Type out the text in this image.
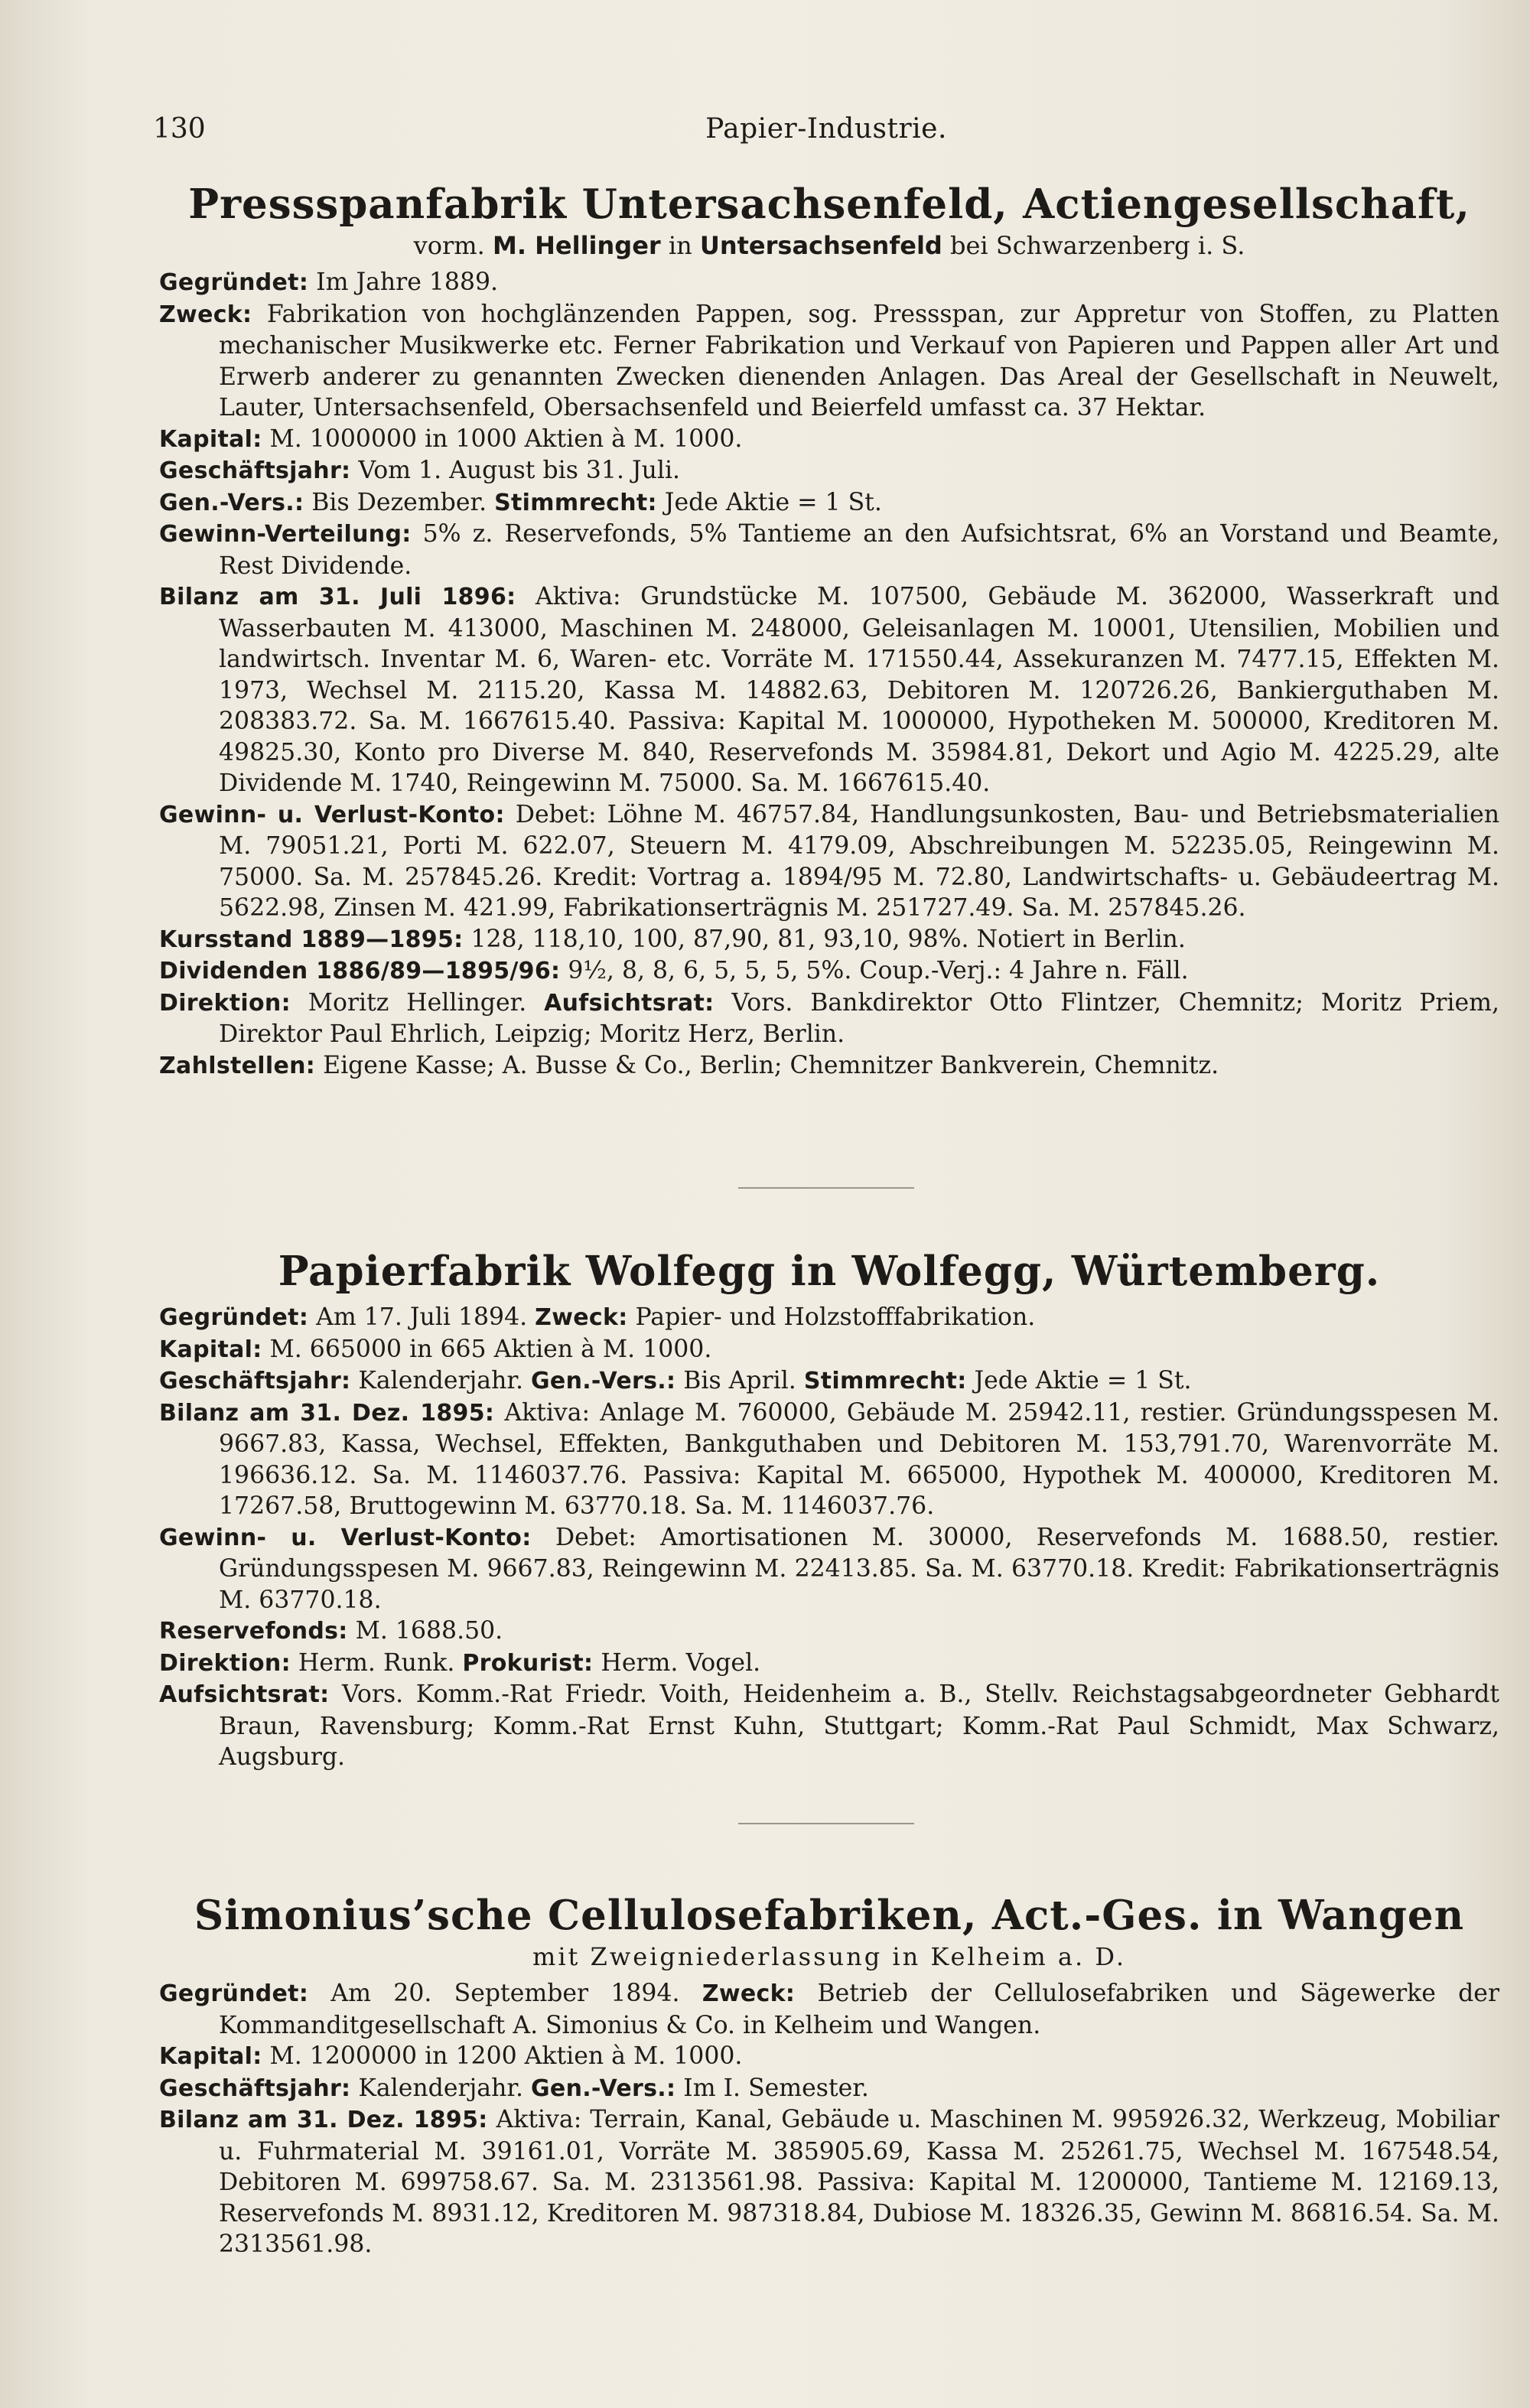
130	Papier-Industrie.
Pressspanfabrik Untersachsenfeld, Actiengesellschaft,
vorm. M. Hellinger in Untersachsenfeld bei Schwarzenberg i. S.

Gegründet: Im Jahre 1889.

Zweck: Fabrikation von hochglänzenden Pappen, sog. Pressspan, zur Appretur von Stoffen, zu Platten mechanischer Musikwerke etc. Ferner Fabrikation und Verkauf von Papieren und Pappen aller Art und Erwerb anderer zu genannten Zwecken dienenden Anlagen. Das Areal der Gesellschaft in Neuwelt, Lauter, Untersachsenfeld, Obersachsenfeld und Beierfeld umfasst ca. 37 Hektar.

Kapital: M. 1000000 in 1000 Aktien à M. 1000.

Geschäftsjahr: Vom 1. August bis 31. Juli.

Gen.-Vers.: Bis Dezember. Stimmrecht: Jede Aktie = 1 St.

Gewinn-Verteilung: 5% z. Reservefonds, 5% Tantieme an den Aufsichtsrat, 6% an Vorstand und Beamte, Rest Dividende.

Bilanz am 31. Juli 1896: Aktiva: Grundstücke M. 107500, Gebäude M. 362000, Wasserkraft und Wasserbauten M. 413000, Maschinen M. 248000, Geleisanlagen M. 10001, Utensilien, Mobilien und landwirtsch. Inventar M. 6, Waren- etc. Vorräte M. 171550.44, Assekuranzen M. 7477.15, Effekten M. 1973, Wechsel M. 2115.20, Kassa M. 14882.63, Debitoren M. 120726.26, Bankierguthaben M. 208383.72. Sa. M. 1667615.40. Passiva: Kapital M. 1000000, Hypotheken M. 500000, Kreditoren M. 49825.30, Konto pro Diverse M. 840, Reservefonds M. 35984.81, Dekort und Agio M. 4225.29, alte Dividende M. 1740, Reingewinn M. 75000. Sa. M. 1667615.40.

Gewinn- u. Verlust-Konto: Debet: Löhne M. 46757.84, Handlungsunkosten, Bau- und Betriebsmaterialien M. 79051.21, Porti M. 622.07, Steuern M. 4179.09, Abschreibungen M. 52235.05, Reingewinn M. 75000. Sa. M. 257845.26. Kredit: Vortrag a. 1894/95 M. 72.80, Landwirtschafts- u. Gebäudeertrag M. 5622.98, Zinsen M. 421.99, Fabrikationserträgnis M. 251727.49. Sa. M. 257845.26.

Kursstand 1889—1895: 128, 118,10, 100, 87,90, 81, 93,10, 98%. Notiert in Berlin.

Dividenden 1886/89—1895/96: 9½, 8, 8, 6, 5, 5, 5, 5%. Coup.-Verj.: 4 Jahre n. Fäll.

Direktion: Moritz Hellinger. Aufsichtsrat: Vors. Bankdirektor Otto Flintzer, Chemnitz; Moritz Priem, Direktor Paul Ehrlich, Leipzig; Moritz Herz, Berlin.

Zahlstellen: Eigene Kasse; A. Busse & Co., Berlin; Chemnitzer Bankverein, Chemnitz.

Papierfabrik Wolfegg in Wolfegg, Würtemberg.

Gegründet: Am 17. Juli 1894. Zweck: Papier- und Holzstofffabrikation.

Kapital: M. 665000 in 665 Aktien à M. 1000.

Geschäftsjahr: Kalenderjahr. Gen.-Vers.: Bis April. Stimmrecht: Jede Aktie = 1 St.

Bilanz am 31. Dez. 1895: Aktiva: Anlage M. 760000, Gebäude M. 25942.11, restier. Gründungsspesen M. 9667.83, Kassa, Wechsel, Effekten, Bankguthaben und Debitoren M. 153,791.70, Warenvorräte M. 196636.12. Sa. M. 1146037.76. Passiva: Kapital M. 665000, Hypothek M. 400000, Kreditoren M. 17267.58, Bruttogewinn M. 63770.18. Sa. M. 1146037.76.

Gewinn- u. Verlust-Konto: Debet: Amortisationen M. 30000, Reservefonds M. 1688.50, restier. Gründungsspesen M. 9667.83, Reingewinn M. 22413.85. Sa. M. 63770.18. Kredit: Fabrikationserträgnis M. 63770.18.

Reservefonds: M. 1688.50.

Direktion: Herm. Runk. Prokurist: Herm. Vogel.

Aufsichtsrat: Vors. Komm.-Rat Friedr. Voith, Heidenheim a. B., Stellv. Reichstagsabgeordneter Gebhardt Braun, Ravensburg; Komm.-Rat Ernst Kuhn, Stuttgart; Komm.-Rat Paul Schmidt, Max Schwarz, Augsburg.

Simonius’sche Cellulosefabriken, Act.-Ges. in Wangen
mit Zweigniederlassung in Kelheim a. D.

Gegründet: Am 20. September 1894. Zweck: Betrieb der Cellulosefabriken und Sägewerke der Kommanditgesellschaft A. Simonius & Co. in Kelheim und Wangen.

Kapital: M. 1200000 in 1200 Aktien à M. 1000.

Geschäftsjahr: Kalenderjahr. Gen.-Vers.: Im I. Semester.

Bilanz am 31. Dez. 1895: Aktiva: Terrain, Kanal, Gebäude u. Maschinen M. 995926.32, Werkzeug, Mobiliar u. Fuhrmaterial M. 39161.01, Vorräte M. 385905.69, Kassa M. 25261.75, Wechsel M. 167548.54, Debitoren M. 699758.67. Sa. M. 2313561.98. Passiva: Kapital M. 1200000, Tantieme M. 12169.13, Reservefonds M. 8931.12, Kreditoren M. 987318.84, Dubiose M. 18326.35, Gewinn M. 86816.54. Sa. M. 2313561.98.
